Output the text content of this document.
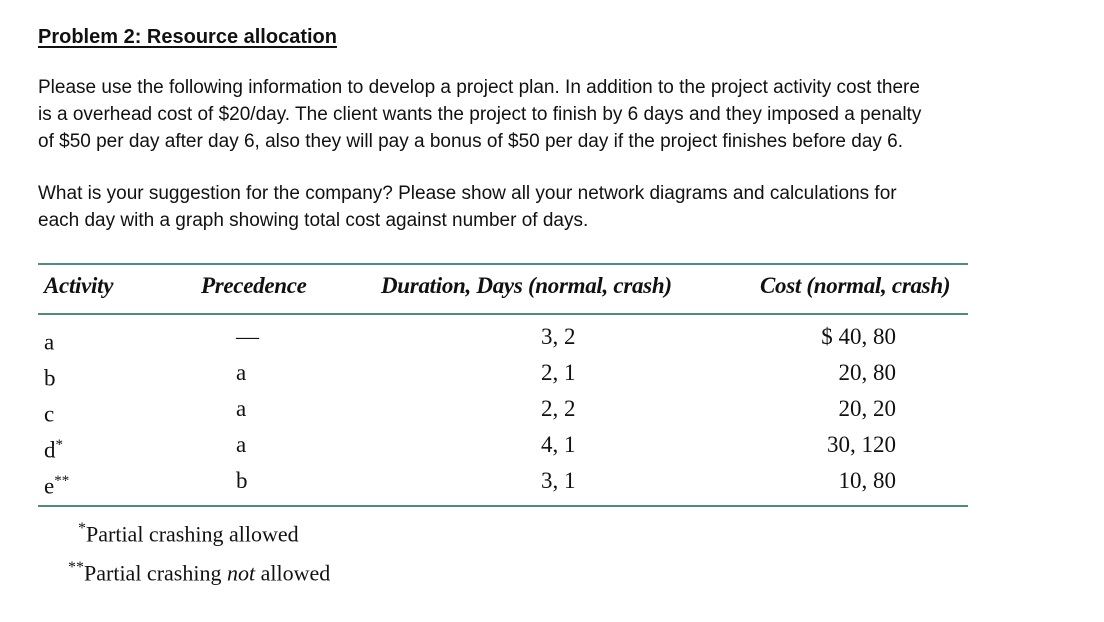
Problem 2: Resource allocation

Please use the following information to develop a project plan. In addition to the project activity cost there
is a overhead cost of $20/day. The client wants the project to finish by 6 days and they imposed a penalty
of $50 per day after day 6, also they will pay a bonus of $50 per day if the project finishes before day 6.

What is your suggestion for the company? Please show all your network diagrams and calculations for
each day with a graph showing total cost against number of days.

Activity	Precedence	Duration, Days (normal, crash)	Cost (normal, crash)
a	—	3, 2	$ 40, 80
b	a	2, 1	20, 80
c	a	2, 2	20, 20
d*	a	4, 1	30, 120
e**	b	3, 1	10, 80
*Partial crashing allowed
**Partial crashing not allowed
